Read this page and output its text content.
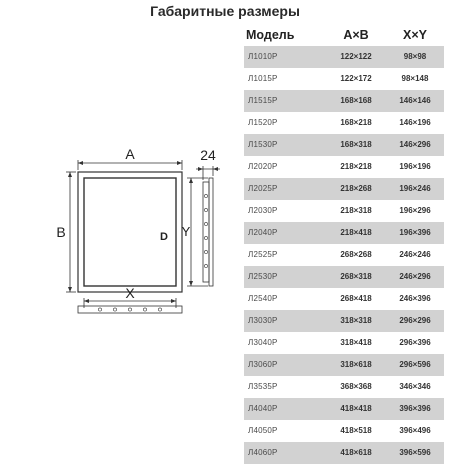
Габаритные размеры
A
B
X
Y
24
D
Модель	A×B	X×Y
Л1010Р	122×122	98×98
Л1015Р	122×172	98×148
Л1515Р	168×168	146×146
Л1520Р	168×218	146×196
Л1530Р	168×318	146×296
Л2020Р	218×218	196×196
Л2025Р	218×268	196×246
Л2030Р	218×318	196×296
Л2040Р	218×418	196×396
Л2525Р	268×268	246×246
Л2530Р	268×318	246×296
Л2540Р	268×418	246×396
Л3030Р	318×318	296×296
Л3040Р	318×418	296×396
Л3060Р	318×618	296×596
Л3535Р	368×368	346×346
Л4040Р	418×418	396×396
Л4050Р	418×518	396×496
Л4060Р	418×618	396×596
